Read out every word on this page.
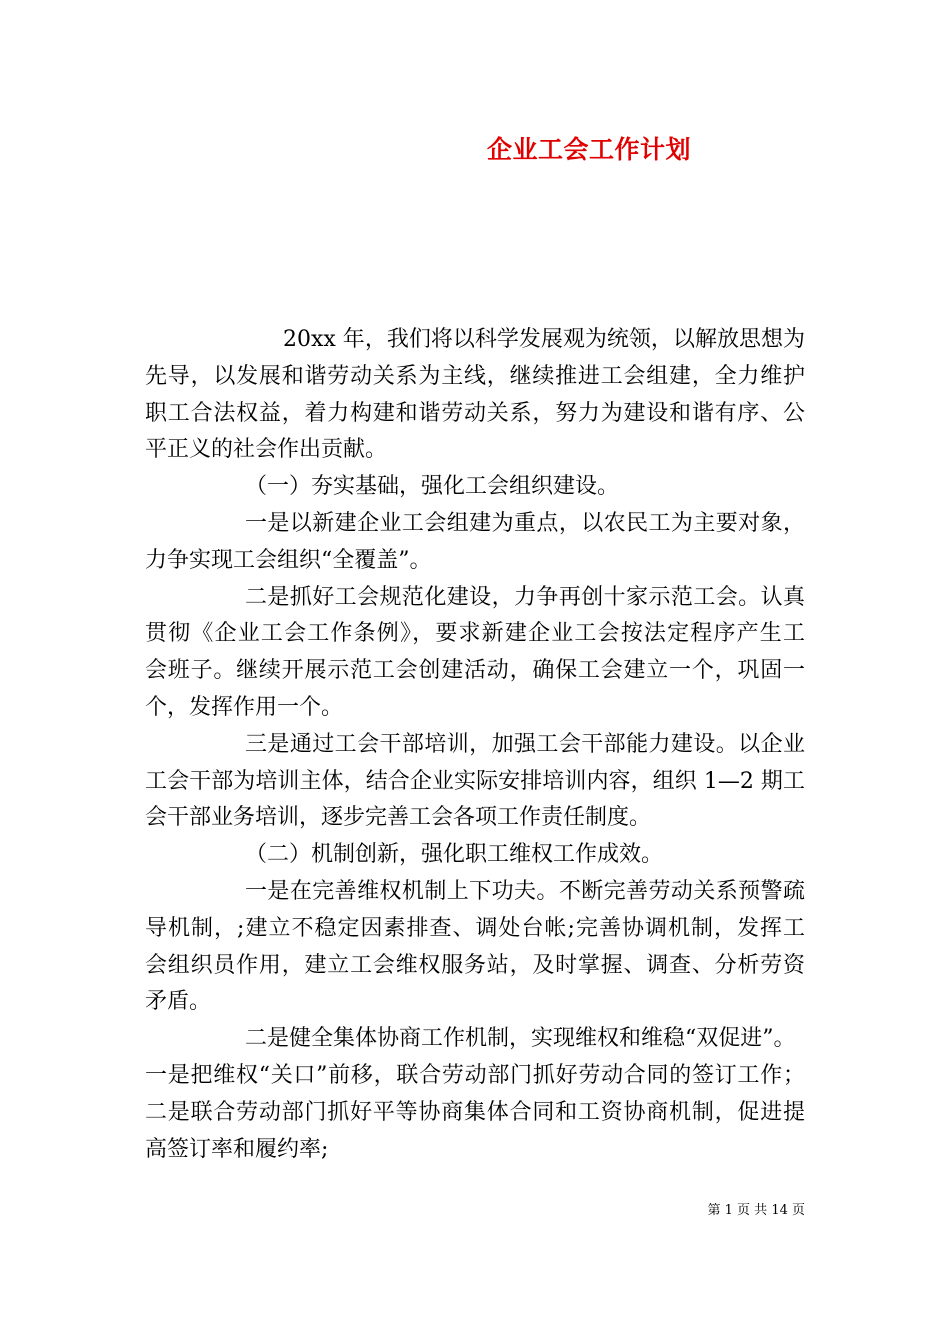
企业工会工作计划
20xx 年，我们将以科学发展观为统领，以解放思想为
先导，以发展和谐劳动关系为主线，继续推进工会组建，全力维护
职工合法权益，着力构建和谐劳动关系，努力为建设和谐有序、公
平正义的社会作出贡献。
（一）夯实基础，强化工会组织建设。
一是以新建企业工会组建为重点，以农民工为主要对象，
力争实现工会组织“全覆盖”。
二是抓好工会规范化建设，力争再创十家示范工会。认真
贯彻《企业工会工作条例》，要求新建企业工会按法定程序产生工
会班子。继续开展示范工会创建活动，确保工会建立一个，巩固一
个，发挥作用一个。
三是通过工会干部培训，加强工会干部能力建设。以企业
工会干部为培训主体，结合企业实际安排培训内容，组织 1—2 期工
会干部业务培训，逐步完善工会各项工作责任制度。
（二）机制创新，强化职工维权工作成效。
一是在完善维权机制上下功夫。不断完善劳动关系预警疏
导机制，;建立不稳定因素排查、调处台帐;完善协调机制，发挥工
会组织员作用，建立工会维权服务站，及时掌握、调查、分析劳资
矛盾。
二是健全集体协商工作机制，实现维权和维稳“双促进”。
一是把维权“关口”前移，联合劳动部门抓好劳动合同的签订工作；
二是联合劳动部门抓好平等协商集体合同和工资协商机制，促进提
高签订率和履约率;
第 1 页 共 14 页
